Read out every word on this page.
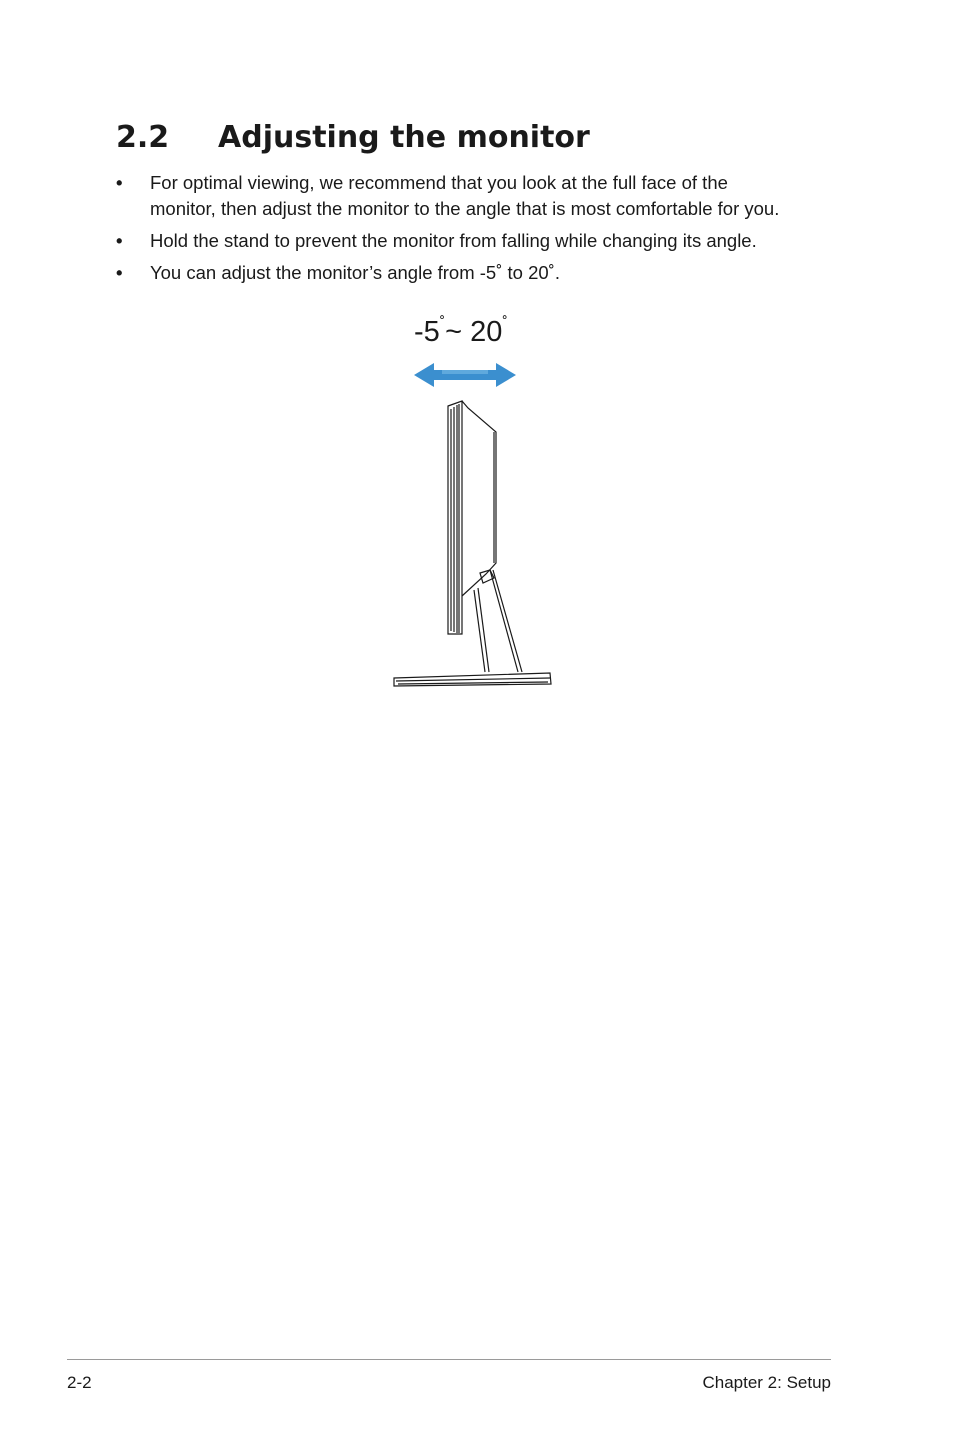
2.2 Adjusting the monitor
• For optimal viewing, we recommend that you look at the full face of the
monitor, then adjust the monitor to the angle that is most comfortable for you.
• Hold the stand to prevent the monitor from falling while changing its angle.
• You can adjust the monitor’s angle from -5˚ to 20˚.
-5˚~ 20˚
2-2	Chapter 2: Setup
